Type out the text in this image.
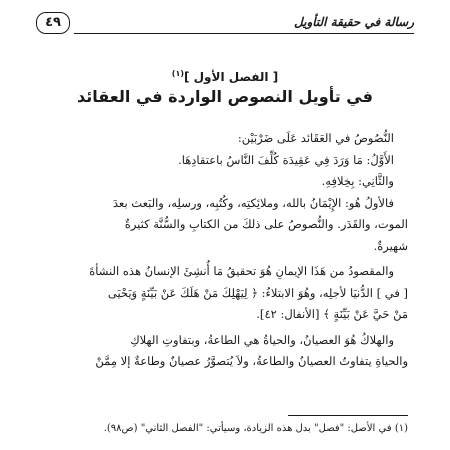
رسالة في حقيقة التأويل
٤٩
[ الفصل الأول ]$^{(١)}$
في تأويل النصوص الواردة في العقائد

النُّصُوصُ في العَقَائد عَلَى ضَرْبَيْن:

الأَوَّلُ: مَا وَرَدَ فِي عَقِيدَة كُلِّفَ النَّاسُ باعتقادِهَا.

والثَّانِي: بِخِلافِهِ.

فالأولُ هُو: الإِيْمَانُ بالله، وملائِكتِه، وكُتُبِه، ورسلِه، والبَعث بعدَ

الموت، والقَدَر. والنُّصوصُ على ذلكَ من الكتابِ والسُّنَّة كثيرةٌ

شهيرةٌ.

والمقصودُ من هَذَا الإيمانِ هُوَ تحقيقُ مَا أُنشِئَ الإنسانُ هذه النشأةَ

[ في ] الدُّنيَا لأجلِه، وهُوَ الابتلاءُ: ﴿ لِيَهْلِكَ مَنْ هَلَكَ عَنْ بَيِّنَةٍ وَيَحْيَى

مَنْ حَيَّ عَنْ بَيِّنَةٍ ﴾ [الأنفال: ٤٢].

والهلاكُ هُوَ العصيانُ، والحياةُ هي الطاعةُ، وبتفاوتِ الهلاكِ

والحياةِ يتفاوتُ العصيانُ والطاعةُ، ولاَ يُتصوَّرُ عصيانٌ وطاعةٌ إلا مِمَّنْ

(١) في الأصل: "فصل" بدل هذه الزيادة، وسيأتي: "الفصل الثاني" (ص٩٨).
